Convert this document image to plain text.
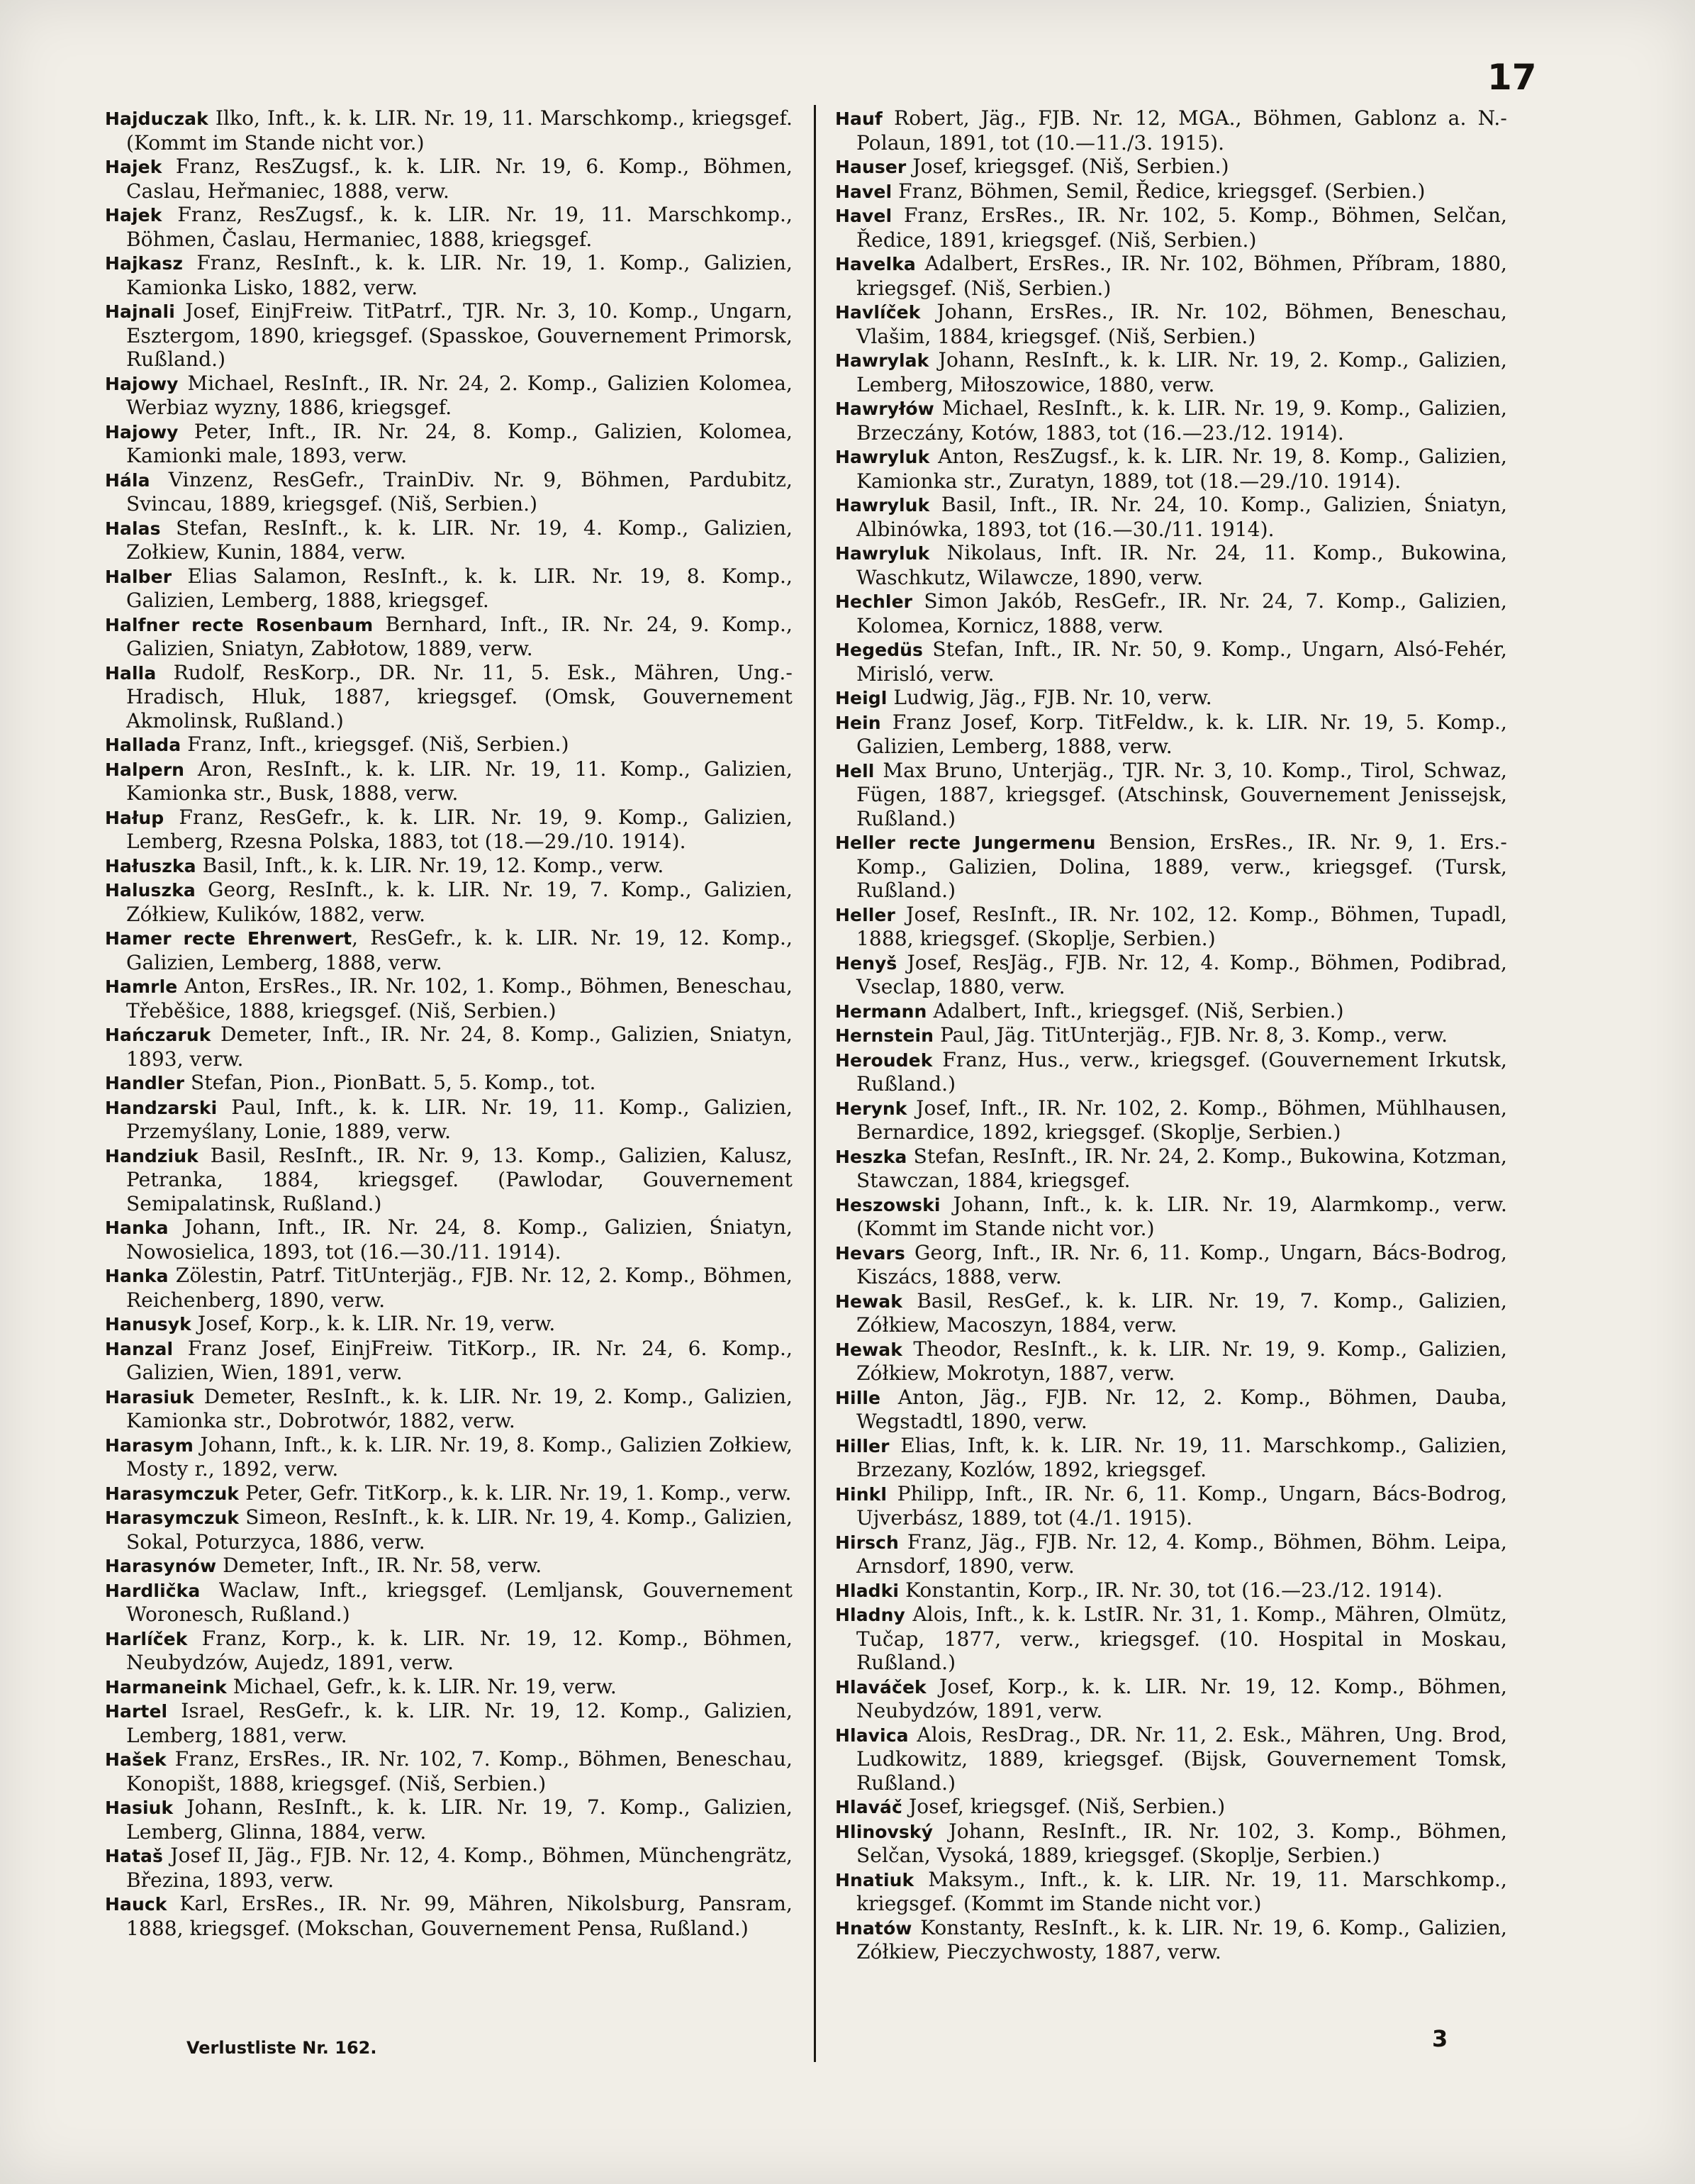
17

Hajduczak Ilko, Inft., k. k. LIR. Nr. 19, 11. Marschkomp., kriegsgef. (Kommt im Stande nicht vor.)

Hajek Franz, ResZugsf., k. k. LIR. Nr. 19, 6. Komp., Böhmen, Caslau, Heřmaniec, 1888, verw.

Hajek Franz, ResZugsf., k. k. LIR. Nr. 19, 11. Marschkomp., Böhmen, Časlau, Hermaniec, 1888, kriegsgef.

Hajkasz Franz, ResInft., k. k. LIR. Nr. 19, 1. Komp., Galizien, Kamionka Lisko, 1882, verw.

Hajnali Josef, EinjFreiw. TitPatrf., TJR. Nr. 3, 10. Komp., Ungarn, Esztergom, 1890, kriegsgef. (Spasskoe, Gouvernement Primorsk, Rußland.)

Hajowy Michael, ResInft., IR. Nr. 24, 2. Komp., Galizien Kolomea, Werbiaz wyzny, 1886, kriegsgef.

Hajowy Peter, Inft., IR. Nr. 24, 8. Komp., Galizien, Kolomea, Kamionki male, 1893, verw.

Hála Vinzenz, ResGefr., TrainDiv. Nr. 9, Böhmen, Pardubitz, Svincau, 1889, kriegsgef. (Niš, Serbien.)

Halas Stefan, ResInft., k. k. LIR. Nr. 19, 4. Komp., Galizien, Zołkiew, Kunin, 1884, verw.

Halber Elias Salamon, ResInft., k. k. LIR. Nr. 19, 8. Komp., Galizien, Lemberg, 1888, kriegsgef.

Halfner recte Rosenbaum Bernhard, Inft., IR. Nr. 24, 9. Komp., Galizien, Sniatyn, Zabłotow, 1889, verw.

Halla Rudolf, ResKorp., DR. Nr. 11, 5. Esk., Mähren, Ung.-Hradisch, Hluk, 1887, kriegsgef. (Omsk, Gouvernement Akmolinsk, Rußland.)

Hallada Franz, Inft., kriegsgef. (Niš, Serbien.)

Halpern Aron, ResInft., k. k. LIR. Nr. 19, 11. Komp., Galizien, Kamionka str., Busk, 1888, verw.

Hałup Franz, ResGefr., k. k. LIR. Nr. 19, 9. Komp., Galizien, Lemberg, Rzesna Polska, 1883, tot (18.—29./10. 1914).

Hałuszka Basil, Inft., k. k. LIR. Nr. 19, 12. Komp., verw.

Haluszka Georg, ResInft., k. k. LIR. Nr. 19, 7. Komp., Galizien, Zółkiew, Kulików, 1882, verw.

Hamer recte Ehrenwert, ResGefr., k. k. LIR. Nr. 19, 12. Komp., Galizien, Lemberg, 1888, verw.

Hamrle Anton, ErsRes., IR. Nr. 102, 1. Komp., Böhmen, Beneschau, Třeběšice, 1888, kriegsgef. (Niš, Serbien.)

Hańczaruk Demeter, Inft., IR. Nr. 24, 8. Komp., Galizien, Sniatyn, 1893, verw.

Handler Stefan, Pion., PionBatt. 5, 5. Komp., tot.

Handzarski Paul, Inft., k. k. LIR. Nr. 19, 11. Komp., Galizien, Przemyślany, Lonie, 1889, verw.

Handziuk Basil, ResInft., IR. Nr. 9, 13. Komp., Galizien, Kalusz, Petranka, 1884, kriegsgef. (Pawlodar, Gouvernement Semipalatinsk, Rußland.)

Hanka Johann, Inft., IR. Nr. 24, 8. Komp., Galizien, Śniatyn, Nowosielica, 1893, tot (16.—30./11. 1914).

Hanka Zölestin, Patrf. TitUnterjäg., FJB. Nr. 12, 2. Komp., Böhmen, Reichenberg, 1890, verw.

Hanusyk Josef, Korp., k. k. LIR. Nr. 19, verw.

Hanzal Franz Josef, EinjFreiw. TitKorp., IR. Nr. 24, 6. Komp., Galizien, Wien, 1891, verw.

Harasiuk Demeter, ResInft., k. k. LIR. Nr. 19, 2. Komp., Galizien, Kamionka str., Dobrotwór, 1882, verw.

Harasym Johann, Inft., k. k. LIR. Nr. 19, 8. Komp., Galizien Zołkiew, Mosty r., 1892, verw.

Harasymczuk Peter, Gefr. TitKorp., k. k. LIR. Nr. 19, 1. Komp., verw.

Harasymczuk Simeon, ResInft., k. k. LIR. Nr. 19, 4. Komp., Galizien, Sokal, Poturzyca, 1886, verw.

Harasynów Demeter, Inft., IR. Nr. 58, verw.

Hardlička Waclaw, Inft., kriegsgef. (Lemljansk, Gouvernement Woronesch, Rußland.)

Harlíček Franz, Korp., k. k. LIR. Nr. 19, 12. Komp., Böhmen, Neubydzów, Aujedz, 1891, verw.

Harmaneink Michael, Gefr., k. k. LIR. Nr. 19, verw.

Hartel Israel, ResGefr., k. k. LIR. Nr. 19, 12. Komp., Galizien, Lemberg, 1881, verw.

Hašek Franz, ErsRes., IR. Nr. 102, 7. Komp., Böhmen, Beneschau, Konopišt, 1888, kriegsgef. (Niš, Serbien.)

Hasiuk Johann, ResInft., k. k. LIR. Nr. 19, 7. Komp., Galizien, Lemberg, Glinna, 1884, verw.

Hataš Josef II, Jäg., FJB. Nr. 12, 4. Komp., Böhmen, Münchengrätz, Březina, 1893, verw.

Hauck Karl, ErsRes., IR. Nr. 99, Mähren, Nikolsburg, Pansram, 1888, kriegsgef. (Mokschan, Gouvernement Pensa, Rußland.)

Hauf Robert, Jäg., FJB. Nr. 12, MGA., Böhmen, Gablonz a. N.-Polaun, 1891, tot (10.—11./3. 1915).

Hauser Josef, kriegsgef. (Niš, Serbien.)

Havel Franz, Böhmen, Semil, Ředice, kriegsgef. (Serbien.)

Havel Franz, ErsRes., IR. Nr. 102, 5. Komp., Böhmen, Selčan, Ředice, 1891, kriegsgef. (Niš, Serbien.)

Havelka Adalbert, ErsRes., IR. Nr. 102, Böhmen, Příbram, 1880, kriegsgef. (Niš, Serbien.)

Havlíček Johann, ErsRes., IR. Nr. 102, Böhmen, Beneschau, Vlašim, 1884, kriegsgef. (Niš, Serbien.)

Hawrylak Johann, ResInft., k. k. LIR. Nr. 19, 2. Komp., Galizien, Lemberg, Miłoszowice, 1880, verw.

Hawryłów Michael, ResInft., k. k. LIR. Nr. 19, 9. Komp., Galizien, Brzeczány, Kotów, 1883, tot (16.—23./12. 1914).

Hawryluk Anton, ResZugsf., k. k. LIR. Nr. 19, 8. Komp., Galizien, Kamionka str., Zuratyn, 1889, tot (18.—29./10. 1914).

Hawryluk Basil, Inft., IR. Nr. 24, 10. Komp., Galizien, Śniatyn, Albinówka, 1893, tot (16.—30./11. 1914).

Hawryluk Nikolaus, Inft. IR. Nr. 24, 11. Komp., Bukowina, Waschkutz, Wilawcze, 1890, verw.

Hechler Simon Jakób, ResGefr., IR. Nr. 24, 7. Komp., Galizien, Kolomea, Kornicz, 1888, verw.

Hegedüs Stefan, Inft., IR. Nr. 50, 9. Komp., Ungarn, Alsó-Fehér, Mirisló, verw.

Heigl Ludwig, Jäg., FJB. Nr. 10, verw.

Hein Franz Josef, Korp. TitFeldw., k. k. LIR. Nr. 19, 5. Komp., Galizien, Lemberg, 1888, verw.

Hell Max Bruno, Unterjäg., TJR. Nr. 3, 10. Komp., Tirol, Schwaz, Fügen, 1887, kriegsgef. (Atschinsk, Gouvernement Jenissejsk, Rußland.)

Heller recte Jungermenu Bension, ErsRes., IR. Nr. 9, 1. Ers.-Komp., Galizien, Dolina, 1889, verw., kriegsgef. (Tursk, Rußland.)

Heller Josef, ResInft., IR. Nr. 102, 12. Komp., Böhmen, Tupadl, 1888, kriegsgef. (Skoplje, Serbien.)

Henyš Josef, ResJäg., FJB. Nr. 12, 4. Komp., Böhmen, Podibrad, Vseclap, 1880, verw.

Hermann Adalbert, Inft., kriegsgef. (Niš, Serbien.)

Hernstein Paul, Jäg. TitUnterjäg., FJB. Nr. 8, 3. Komp., verw.

Heroudek Franz, Hus., verw., kriegsgef. (Gouvernement Irkutsk, Rußland.)

Herynk Josef, Inft., IR. Nr. 102, 2. Komp., Böhmen, Mühlhausen, Bernardice, 1892, kriegsgef. (Skoplje, Serbien.)

Heszka Stefan, ResInft., IR. Nr. 24, 2. Komp., Bukowina, Kotzman, Stawczan, 1884, kriegsgef.

Heszowski Johann, Inft., k. k. LIR. Nr. 19, Alarmkomp., verw. (Kommt im Stande nicht vor.)

Hevars Georg, Inft., IR. Nr. 6, 11. Komp., Ungarn, Bács-Bodrog, Kiszács, 1888, verw.

Hewak Basil, ResGef., k. k. LIR. Nr. 19, 7. Komp., Galizien, Zółkiew, Macoszyn, 1884, verw.

Hewak Theodor, ResInft., k. k. LIR. Nr. 19, 9. Komp., Galizien, Zółkiew, Mokrotyn, 1887, verw.

Hille Anton, Jäg., FJB. Nr. 12, 2. Komp., Böhmen, Dauba, Wegstadtl, 1890, verw.

Hiller Elias, Inft, k. k. LIR. Nr. 19, 11. Marschkomp., Galizien, Brzezany, Kozlów, 1892, kriegsgef.

Hinkl Philipp, Inft., IR. Nr. 6, 11. Komp., Ungarn, Bács-Bodrog, Ujverbász, 1889, tot (4./1. 1915).

Hirsch Franz, Jäg., FJB. Nr. 12, 4. Komp., Böhmen, Böhm. Leipa, Arnsdorf, 1890, verw.

Hladki Konstantin, Korp., IR. Nr. 30, tot (16.—23./12. 1914).

Hladny Alois, Inft., k. k. LstIR. Nr. 31, 1. Komp., Mähren, Olmütz, Tučap, 1877, verw., kriegsgef. (10. Hospital in Moskau, Rußland.)

Hlaváček Josef, Korp., k. k. LIR. Nr. 19, 12. Komp., Böhmen, Neubydzów, 1891, verw.

Hlavica Alois, ResDrag., DR. Nr. 11, 2. Esk., Mähren, Ung. Brod, Ludkowitz, 1889, kriegsgef. (Bijsk, Gouvernement Tomsk, Rußland.)

Hlaváč Josef, kriegsgef. (Niš, Serbien.)

Hlinovský Johann, ResInft., IR. Nr. 102, 3. Komp., Böhmen, Selčan, Vysoká, 1889, kriegsgef. (Skoplje, Serbien.)

Hnatiuk Maksym., Inft., k. k. LIR. Nr. 19, 11. Marschkomp., kriegsgef. (Kommt im Stande nicht vor.)

Hnatów Konstanty, ResInft., k. k. LIR. Nr. 19, 6. Komp., Galizien, Zółkiew, Pieczychwosty, 1887, verw.

Verlustliste Nr. 162.	3
